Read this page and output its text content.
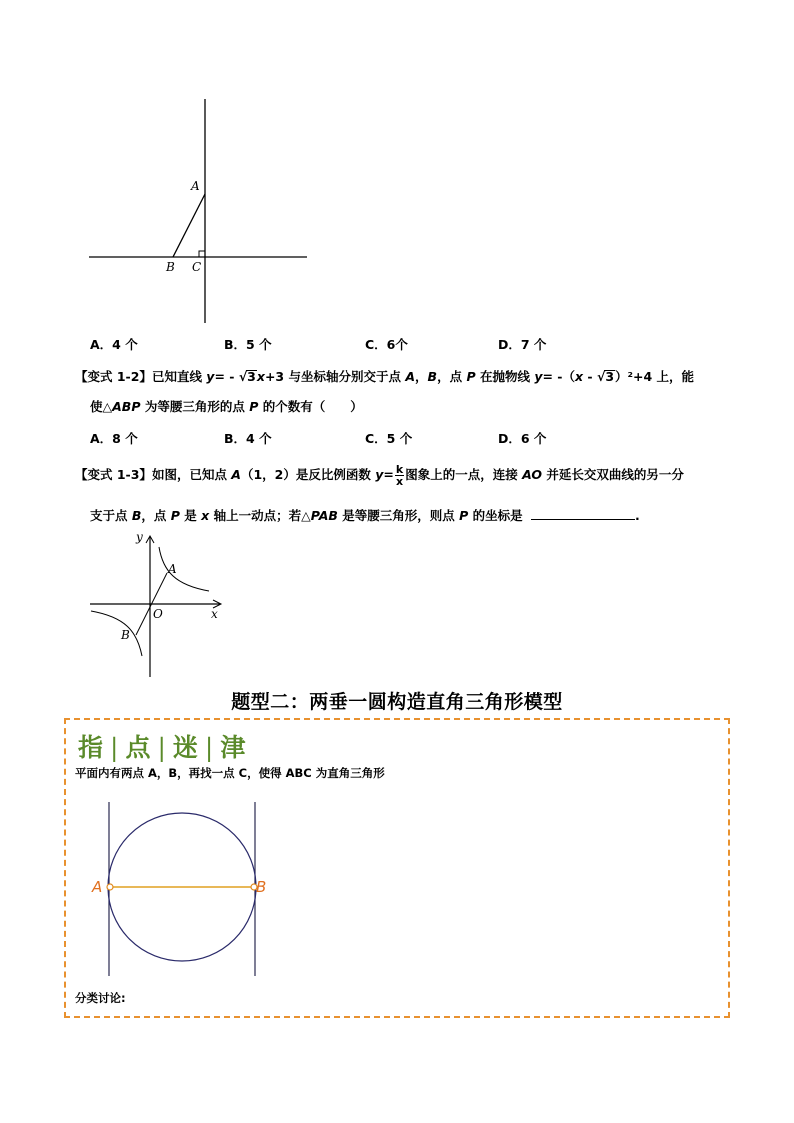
A
B C
A．4 个	B．5 个	C．6个	D．7 个
【变式 1-2】已知直线 y= - √3x+3 与坐标轴分别交于点 A，B，点 P 在抛物线 y= -（x - √3）²+4 上，能
使△ABP 为等腰三角形的点 P 的个数有（　　）
A．8 个	B．4 个	C．5 个	D．6 个
【变式 1-3】如图，已知点 A（1，2）是反比例函数 $y= \frac{k}{x}$ 图象上的一点，连接 AO 并延长交双曲线的另一分
支于点 B，点 P 是 x 轴上一动点；若△PAB 是等腰三角形，则点 P 的坐标是	.
y
x
O
A
B
题型二：两垂一圆构造直角三角形模型
指 | 点 | 迷 | 津
平面内有两点 A，B，再找一点 C，使得 ABC 为直角三角形
A	B
分类讨论:
